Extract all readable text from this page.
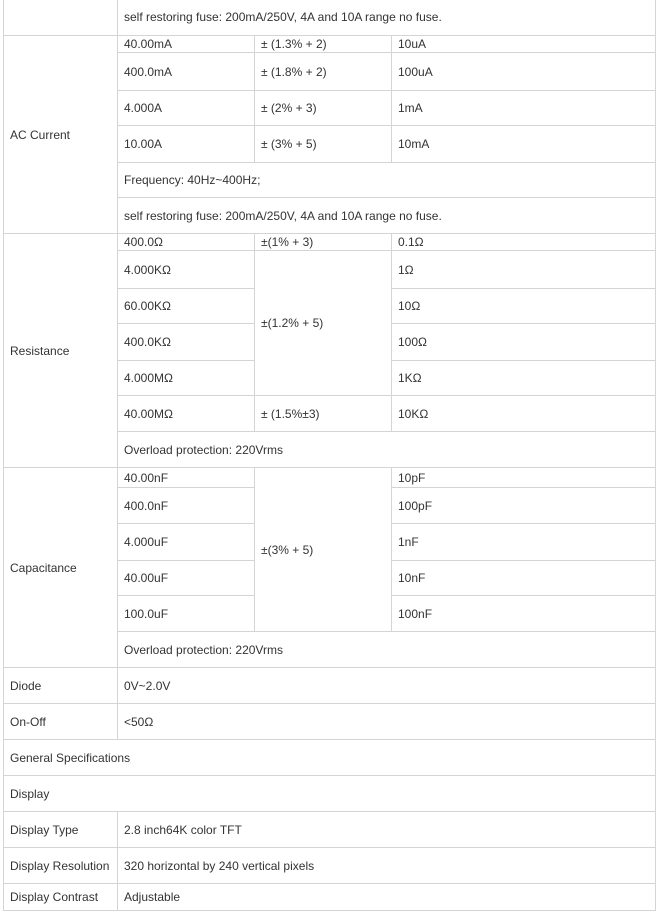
	self restoring fuse: 200mA/250V, 4A and 10A range no fuse.		
AC Current	40.00mA	± (1.3% + 2)	10uA
	400.0mA	± (1.8% + 2)	100uA
	4.000A	± (2% + 3)	1mA
	10.00A	± (3% + 5)	10mA
	Frequency: 40Hz~400Hz;		
	self restoring fuse: 200mA/250V, 4A and 10A range no fuse.		
Resistance	400.0Ω	±(1% + 3)	0.1Ω
	4.000KΩ	±(1.2% + 5)	1Ω
	60.00KΩ		10Ω
	400.0KΩ		100Ω
	4.000MΩ		1KΩ
	40.00MΩ	± (1.5%±3)	10KΩ
	Overload protection: 220Vrms		
Capacitance	40.00nF	±(3% + 5)	10pF
	400.0nF		100pF
	4.000uF		1nF
	40.00uF		10nF
	100.0uF		100nF
	Overload protection: 220Vrms		
Diode	0V~2.0V		
On-Off	<50Ω		
General Specifications			
Display			
Display Type	2.8 inch64K color TFT		
Display Resolution	320 horizontal by 240 vertical pixels		
Display Contrast	Adjustable		
